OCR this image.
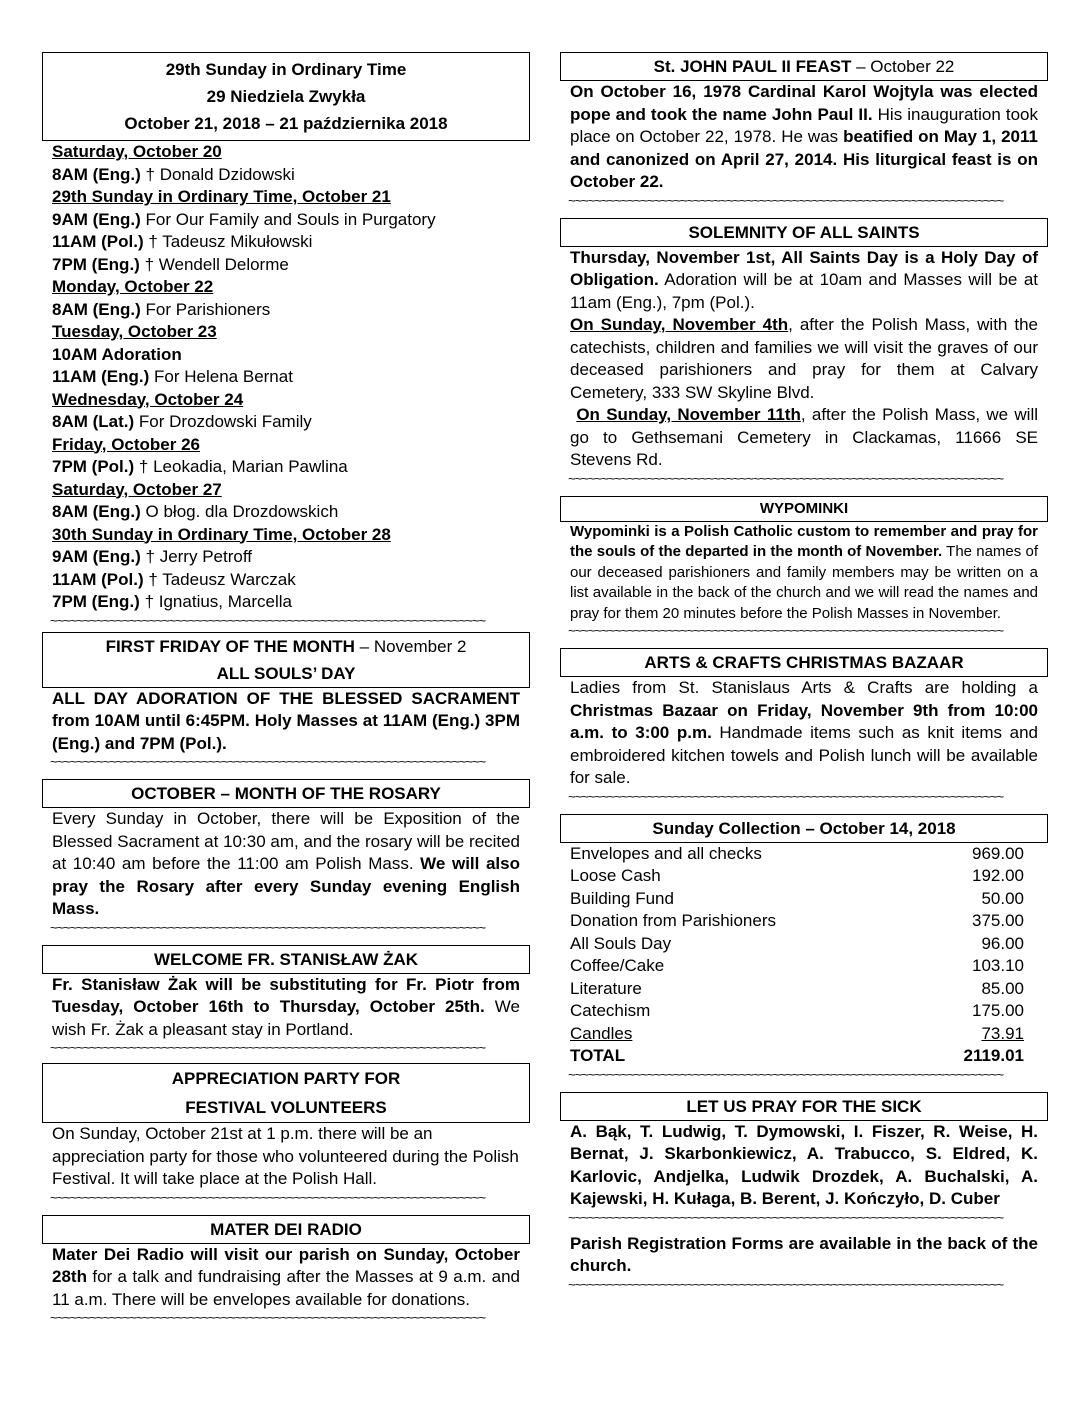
29th Sunday in Ordinary Time
29 Niedziela Zwykła
October 21, 2018 – 21 października 2018
Saturday, October 20
8AM (Eng.) † Donald Dzidowski
29th Sunday in Ordinary Time, October 21
9AM (Eng.) For Our Family and Souls in Purgatory
11AM (Pol.) † Tadeusz Mikułowski
7PM (Eng.) † Wendell Delorme
Monday, October 22
8AM (Eng.) For Parishioners
Tuesday, October 23
10AM Adoration
11AM (Eng.) For Helena Bernat
Wednesday, October 24
8AM (Lat.) For Drozdowski Family
Friday, October 26
7PM (Pol.) † Leokadia, Marian Pawlina
Saturday, October 27
8AM (Eng.) O błog. dla Drozdowskich
30th Sunday in Ordinary Time, October 28
9AM (Eng.) † Jerry Petroff
11AM (Pol.) † Tadeusz Warczak
7PM (Eng.) † Ignatius, Marcella
~~~~~~~~~~~~~~~~~~~~~~~~~~~~~~~~~~~~~~~~~~~~~~~~~~~~~~~~~~~~~~~~~~
FIRST FRIDAY OF THE MONTH – November 2
ALL SOULS’ DAY
ALL DAY ADORATION OF THE BLESSED SACRAMENT from 10AM until 6:45PM. Holy Masses at 11AM (Eng.) 3PM (Eng.) and 7PM (Pol.).
~~~~~~~~~~~~~~~~~~~~~~~~~~~~~~~~~~~~~~~~~~~~~~~~~~~~~~~~~~~~~~~~~~
OCTOBER – MONTH OF THE ROSARY
Every Sunday in October, there will be Exposition of the Blessed Sacrament at 10:30 am, and the rosary will be recited at 10:40 am before the 11:00 am Polish Mass. We will also pray the Rosary after every Sunday evening English Mass.
~~~~~~~~~~~~~~~~~~~~~~~~~~~~~~~~~~~~~~~~~~~~~~~~~~~~~~~~~~~~~~~~~~
WELCOME FR. STANISŁAW ŻAK
Fr. Stanisław Żak will be substituting for Fr. Piotr from Tuesday, October 16th to Thursday, October 25th. We wish Fr. Żak a pleasant stay in Portland.
~~~~~~~~~~~~~~~~~~~~~~~~~~~~~~~~~~~~~~~~~~~~~~~~~~~~~~~~~~~~~~~~~~
APPRECIATION PARTY FOR
FESTIVAL VOLUNTEERS
On Sunday, October 21st at 1 p.m. there will be an appreciation party for those who volunteered during the Polish Festival. It will take place at the Polish Hall.
~~~~~~~~~~~~~~~~~~~~~~~~~~~~~~~~~~~~~~~~~~~~~~~~~~~~~~~~~~~~~~~~~~
MATER DEI RADIO
Mater Dei Radio will visit our parish on Sunday, October 28th for a talk and fundraising after the Masses at 9 a.m. and 11 a.m. There will be envelopes available for donations.
~~~~~~~~~~~~~~~~~~~~~~~~~~~~~~~~~~~~~~~~~~~~~~~~~~~~~~~~~~~~~~~~~~
St. JOHN PAUL II FEAST – October 22
On October 16, 1978 Cardinal Karol Wojtyla was elected pope and took the name John Paul II. His inauguration took place on October 22, 1978. He was beatified on May 1, 2011 and canonized on April 27, 2014. His liturgical feast is on October 22.
~~~~~~~~~~~~~~~~~~~~~~~~~~~~~~~~~~~~~~~~~~~~~~~~~~~~~~~~~~~~~~~~~~
SOLEMNITY OF ALL SAINTS
Thursday, November 1st, All Saints Day is a Holy Day of Obligation. Adoration will be at 10am and Masses will be at 11am (Eng.), 7pm (Pol.).
On Sunday, November 4th, after the Polish Mass, with the catechists, children and families we will visit the graves of our deceased parishioners and pray for them at Calvary Cemetery, 333 SW Skyline Blvd.
On Sunday, November 11th, after the Polish Mass, we will go to Gethsemani Cemetery in Clackamas, 11666 SE Stevens Rd.
~~~~~~~~~~~~~~~~~~~~~~~~~~~~~~~~~~~~~~~~~~~~~~~~~~~~~~~~~~~~~~~~~~
WYPOMINKI
Wypominki is a Polish Catholic custom to remember and pray for the souls of the departed in the month of November. The names of our deceased parishioners and family members may be written on a list available in the back of the church and we will read the names and pray for them 20 minutes before the Polish Masses in November.
~~~~~~~~~~~~~~~~~~~~~~~~~~~~~~~~~~~~~~~~~~~~~~~~~~~~~~~~~~~~~~~~~~
ARTS & CRAFTS CHRISTMAS BAZAAR
Ladies from St. Stanislaus Arts & Crafts are holding a Christmas Bazaar on Friday, November 9th from 10:00 a.m. to 3:00 p.m. Handmade items such as knit items and embroidered kitchen towels and Polish lunch will be available for sale.
~~~~~~~~~~~~~~~~~~~~~~~~~~~~~~~~~~~~~~~~~~~~~~~~~~~~~~~~~~~~~~~~~~
Sunday Collection – October 14, 2018
Envelopes and all checks	969.00
Loose Cash	192.00
Building Fund	50.00
Donation from Parishioners	375.00
All Souls Day	96.00
Coffee/Cake	103.10
Literature	85.00
Catechism	175.00
Candles	73.91
TOTAL	2119.01
~~~~~~~~~~~~~~~~~~~~~~~~~~~~~~~~~~~~~~~~~~~~~~~~~~~~~~~~~~~~~~~~~~
LET US PRAY FOR THE SICK
A. Bąk, T. Ludwig, T. Dymowski, I. Fiszer, R. Weise, H. Bernat, J. Skarbonkiewicz, A. Trabucco, S. Eldred, K. Karlovic, Andjelka, Ludwik Drozdek, A. Buchalski, A. Kajewski, H. Kułaga, B. Berent, J. Kończyło, D. Cuber
~~~~~~~~~~~~~~~~~~~~~~~~~~~~~~~~~~~~~~~~~~~~~~~~~~~~~~~~~~~~~~~~~~
Parish Registration Forms are available in the back of the church.
~~~~~~~~~~~~~~~~~~~~~~~~~~~~~~~~~~~~~~~~~~~~~~~~~~~~~~~~~~~~~~~~~~
